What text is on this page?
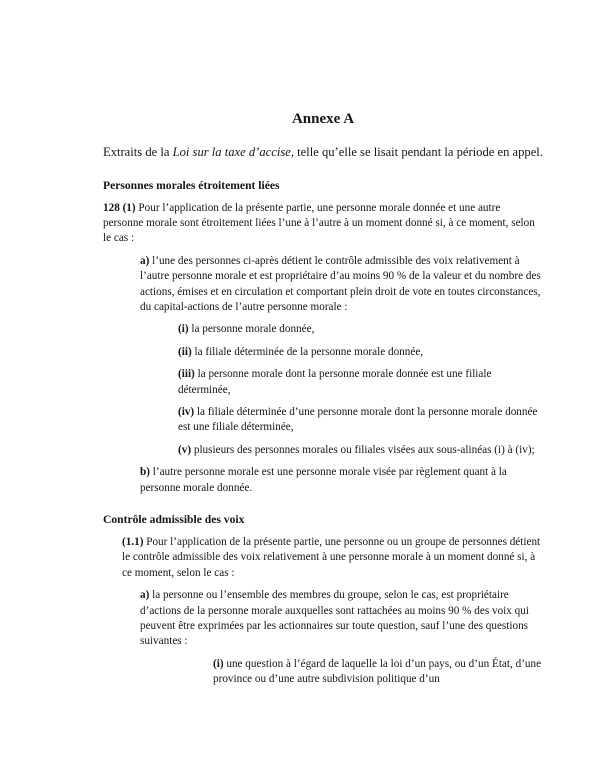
Annexe A

Extraits de la Loi sur la taxe d’accise, telle qu’elle se lisait pendant la période en appel.

Personnes morales étroitement liées

128 (1) Pour l’application de la présente partie, une personne morale donnée et une autre personne morale sont étroitement liées l’une à l’autre à un moment donné si, à ce moment, selon le cas :

a) l’une des personnes ci-après détient le contrôle admissible des voix relativement à l’autre personne morale et est propriétaire d’au moins 90 % de la valeur et du nombre des actions, émises et en circulation et comportant plein droit de vote en toutes circonstances, du capital-actions de l’autre personne morale :

(i) la personne morale donnée,

(ii) la filiale déterminée de la personne morale donnée,

(iii) la personne morale dont la personne morale donnée est une filiale déterminée,

(iv) la filiale déterminée d’une personne morale dont la personne morale donnée est une filiale déterminée,

(v) plusieurs des personnes morales ou filiales visées aux sous-alinéas (i) à (iv);

b) l’autre personne morale est une personne morale visée par règlement quant à la personne morale donnée.

Contrôle admissible des voix

(1.1) Pour l’application de la présente partie, une personne ou un groupe de personnes détient le contrôle admissible des voix relativement à une personne morale à un moment donné si, à ce moment, selon le cas :

a) la personne ou l’ensemble des membres du groupe, selon le cas, est propriétaire d’actions de la personne morale auxquelles sont rattachées au moins 90 % des voix qui peuvent être exprimées par les actionnaires sur toute question, sauf l’une des questions suivantes :

(i) une question à l’égard de laquelle la loi d’un pays, ou d’un État, d’une province ou d’une autre subdivision politique d’un
